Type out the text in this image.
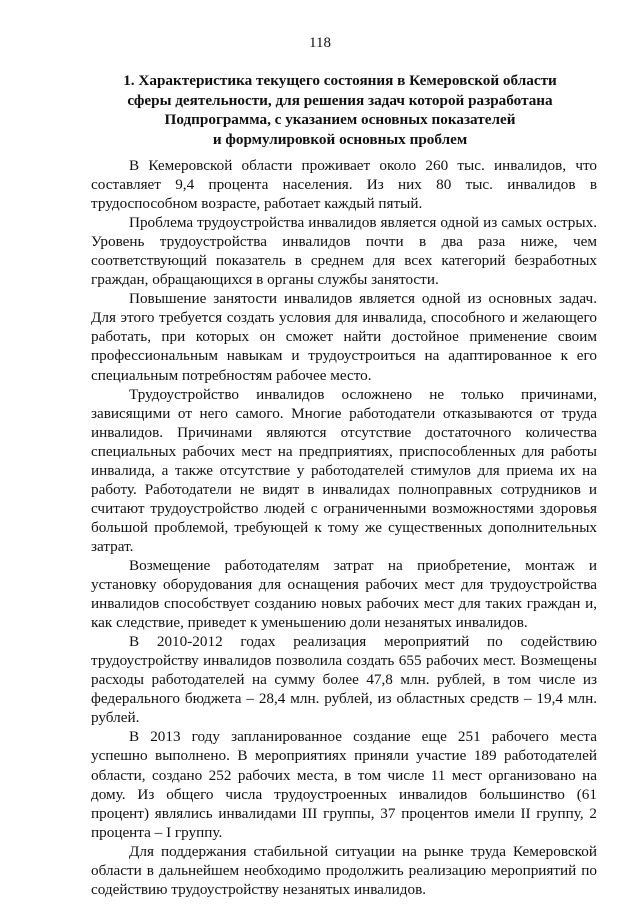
118
1. Характеристика текущего состояния в Кемеровской области
сферы деятельности, для решения задач которой разработана
Подпрограмма, с указанием основных показателей
и формулировкой основных проблем

В Кемеровской области проживает около 260 тыс. инвалидов, что составляет 9,4 процента населения. Из них 80 тыс. инвалидов в трудоспособном возрасте, работает каждый пятый.

Проблема трудоустройства инвалидов является одной из самых острых. Уровень трудоустройства инвалидов почти в два раза ниже, чем соответствующий показатель в среднем для всех категорий безработных граждан, обращающихся в органы службы занятости.

Повышение занятости инвалидов является одной из основных задач. Для этого требуется создать условия для инвалида, способного и желающего работать, при которых он сможет найти достойное применение своим профессиональным навыкам и трудоустроиться на адаптированное к его специальным потребностям рабочее место.

Трудоустройство инвалидов осложнено не только причинами, зависящими от него самого. Многие работодатели отказываются от труда инвалидов. Причинами являются отсутствие достаточного количества специальных рабочих мест на предприятиях, приспособленных для работы инвалида, а также отсутствие у работодателей стимулов для приема их на работу. Работодатели не видят в инвалидах полноправных сотрудников и считают трудоустройство людей с ограниченными возможностями здоровья большой проблемой, требующей к тому же существенных дополнительных затрат.

Возмещение работодателям затрат на приобретение, монтаж и установку оборудования для оснащения рабочих мест для трудоустройства инвалидов способствует созданию новых рабочих мест для таких граждан и, как следствие, приведет к уменьшению доли незанятых инвалидов.

В 2010-2012 годах реализация мероприятий по содействию трудоустройству инвалидов позволила создать 655 рабочих мест. Возмещены расходы работодателей на сумму более 47,8 млн. рублей, в том числе из федерального бюджета – 28,4 млн. рублей, из областных средств – 19,4 млн. рублей.

В 2013 году запланированное создание еще 251 рабочего места успешно выполнено. В мероприятиях приняли участие 189 работодателей области, создано 252 рабочих места, в том числе 11 мест организовано на дому. Из общего числа трудоустроенных инвалидов большинство (61 процент) являлись инвалидами III группы, 37 процентов имели II группу, 2 процента – I группу.

Для поддержания стабильной ситуации на рынке труда Кемеровской области в дальнейшем необходимо продолжить реализацию мероприятий по содействию трудоустройству незанятых инвалидов.
